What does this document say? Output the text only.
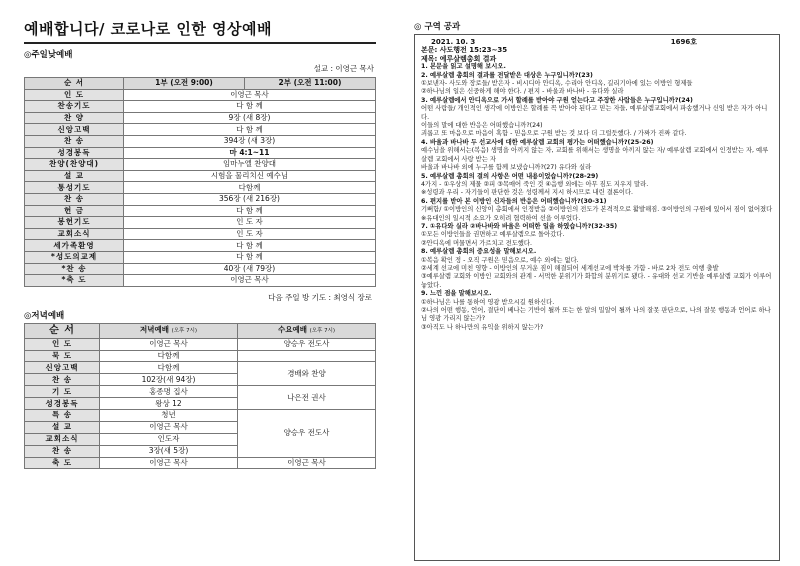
예배합니다/ 코로나로 인한 영상예배
◎주일낮예배
설교 : 이영근 목사
순 서	1부 (오전 9:00)	2부 (오전 11:00)
인 도	이영근 목사	
찬송기도	다 함 께	
찬 양	9장 (새 8장)	
신앙고백	다 함 께	
찬 송	394장 (새 3장)	
성경봉독	마 4:1~11	
찬양(찬양대)	임마누엘 찬양대	
설 교	시험을 물리치신 예수님	
통성기도	다함께	
찬 송	356장 (새 216장)	
헌 금	다 함 께	
봉헌기도	인 도 자	
교회소식	인 도 자	
세가족환영	다 함 께	
*성도의교제	다 함 께	
*찬 송	40장 (새 79장)	
*축 도	이영근 목사	
다음 주일 방 기도 : 최영식 장로
◎저녁예배
순 서	저녁예배 (오후 7시)	수요예배 (오후 7시)
인 도	이영근 목사	양승우 전도사
묵 도	다함께	
신앙고백	다함께	경배와 찬양
찬 송	102장(새 94장)	
기 도	홍종명 집사	나은전 권사
성경봉독	왕상 12	
특 송	청년	양승우 전도사
설 교	이영근 목사	
교회소식	인도자	
찬 송	3장(새 5장)	
축 도	이영근 목사	이영근 목사
◎ 구역 공과
2021. 10. 3	1696호
본문: 사도행전 15:23~35
제목: 예루살렘총회 결과

1. 본문을 읽고 설명해 보시오.

2. 예루살렘 총회의 결과를 전달받은 대상은 누구입니까?(23)

①보낸자- 사도와 장로들/ 받은자 - 비시디아 안디옥, 수리아 안디옥, 길리기아에 있는 이방인 형제들

②하나님의 일은 신중하게 해야 한다. / 편지 - 바울과 바나바 - 유다와 실라

3. 예루살렘에서 안디옥으로 가서 할례를 받아야 구원 얻는다고 주장한 사람들은 누구입니까?(24)

어떤 사람들/ 개인적인 생각에 이방인은 할례를 꼭 받아야 된다고 믿는 자들, 예루살렘교회에서 파송했거나 신임 받은 자가 아니다.

이들의 말에 대한 반응은 어떠했습니까?(24)

괴롭고 또 마음으로 마음이 혹함 - 믿음으로 구원 받는 것 보다 더 그럴듯했다. / 가짜가 진짜 같다.

4. 바울과 바나바 두 선교사에 대한 예루살렘 교회의 평가는 어떠했습니까?(25-26)

예수님을 위해서는(복음) 생명을 아끼지 않는 자, 교회를 위해서는 생명을 아끼지 않는 자/ 예루살렘 교회에서 인정받는 자, 예루살렘 교회에서 사랑 받는 자

바울과 바나바 외에 누구를 함께 보냈습니까?(27) 유다와 실라

5. 예루살렘 총회의 결의 사항은 어떤 내용이었습니까?(28-29)

4가지 - ①우상의 제물 ②피 ③목매어 죽인 것 ④음행 외에는 아무 짐도 지우지 말라.

※성령과 우리 - 자기들이 판단한 것은 성령께서 지시 하시므로 내린 결론이다.

6. 편지를 받아 본 이방인 신자들의 반응은 어떠했습니까?(30-31)

기뻐함/ ①이방인의 신앙이 총회에서 인정받음 ②이방인의 전도가 본격적으로 활발해짐. ③이방인의 구원에 있어서 짐이 없어졌다 ※유대인의 일시적 소요가 오히려 협력하여 선을 이루었다.

7. ①유다와 실라 ②바나바와 바울은 어떠한 일을 하였습니까?(32-35)

①모든 이방인들을 권면하고 예루살렘으로 돌아갔다.

②안디옥에 머물면서 가르치고 전도했다.

8. 예루살렘 총회의 중요성을 말해보시오.

①복음 확인 정 - 오직 구원은 믿음으로, 예수 외에는 없다.

②세계 선교에 미친 영향 - 이방인의 무거운 짐이 해결되어 세계선교에 박차를 가함 - 바로 2차 전도 여행 출발

③예루살렘 교회와 이방인 교회와의 관계 - 서먹한 분위기가 화합의 분위기로 됐다. - 유대와 선교 기반을 예루살렘 교회가 이루어 놓았다.

9. 느낀 점을 말해보시오.

①하나님은 나를 통하여 영광 받으시길 원하신다.

②나의 어떤 행동, 언어, 결단이 베나는 기반이 될까 또는 한 알의 밀알이 될까 나의 잘못 판단으로, 나의 잘못 행동과 언어로 하나님 영광 가리지 않는가?

③아직도 나 하나만의 유익을 위하지 않는가?
